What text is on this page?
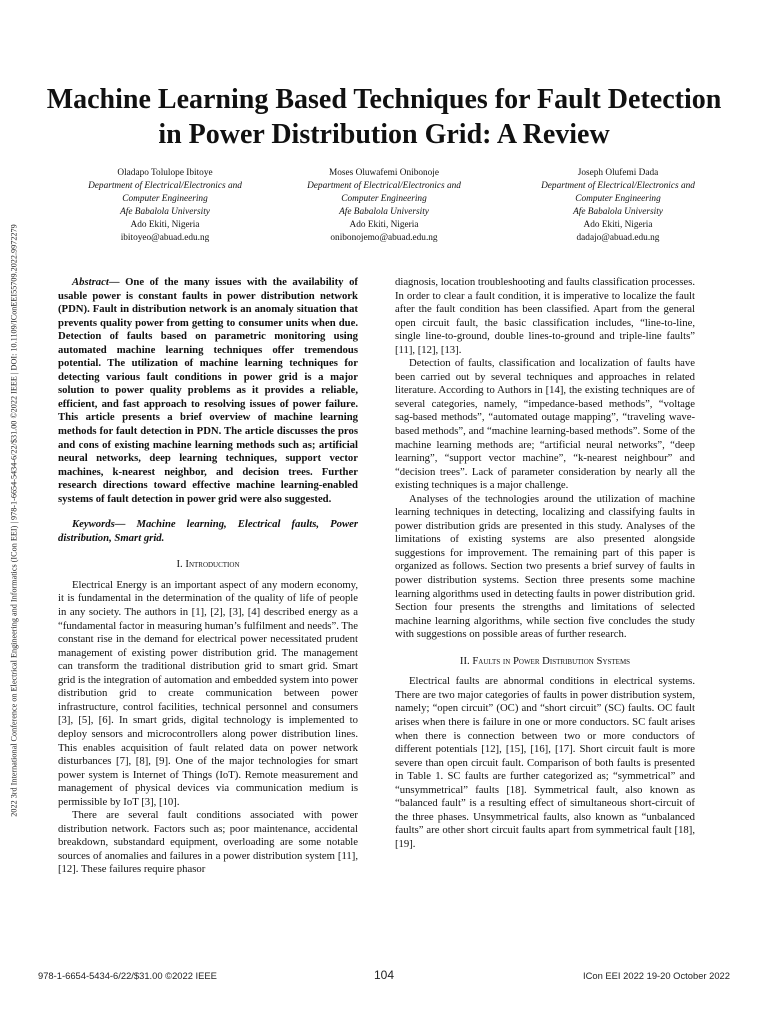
2022 3rd International Conference on Electrical Engineering and Informatics (ICon EEI) | 978-1-6654-5434-6/22/$31.00 ©2022 IEEE | DOI: 10.1109/IConEEI55709.2022.9972279
Machine Learning Based Techniques for Fault Detection in Power Distribution Grid: A Review
Oladapo Tolulope Ibitoye
Department of Electrical/Electronics and
Computer Engineering
Afe Babalola University
Ado Ekiti, Nigeria
ibitoyeo@abuad.edu.ng
Moses Oluwafemi Onibonoje
Department of Electrical/Electronics and
Computer Engineering
Afe Babalola University
Ado Ekiti, Nigeria
onibonojemo@abuad.edu.ng
Joseph Olufemi Dada
Department of Electrical/Electronics and
Computer Engineering
Afe Babalola University
Ado Ekiti, Nigeria
dadajo@abuad.edu.ng

Abstract— One of the many issues with the availability of usable power is constant faults in power distribution network (PDN). Fault in distribution network is an anomaly situation that prevents quality power from getting to consumer units when due. Detection of faults based on parametric monitoring using automated machine learning techniques offer tremendous potential. The utilization of machine learning techniques for detecting various fault conditions in power grid is a major solution to power quality problems as it provides a reliable, efficient, and fast approach to resolving issues of power failure. This article presents a brief overview of machine learning methods for fault detection in PDN. The article discusses the pros and cons of existing machine learning methods such as; artificial neural networks, deep learning techniques, support vector machines, k-nearest neighbor, and decision trees. Further research directions toward effective machine learning-enabled systems of fault detection in power grid were also suggested.

Keywords— Machine learning, Electrical faults, Power distribution, Smart grid.

I. Introduction

Electrical Energy is an important aspect of any modern economy, it is fundamental in the determination of the quality of life of people in any society. The authors in [1], [2], [3], [4] described energy as a “fundamental factor in measuring human’s fulfilment and needs”. The constant rise in the demand for electrical power necessitated prudent management of existing power distribution grid. The management can transform the traditional distribution grid to smart grid. Smart grid is the integration of automation and embedded system into power distribution grid to create communication between power infrastructure, control facilities, technical personnel and consumers [3], [5], [6]. In smart grids, digital technology is implemented to deploy sensors and microcontrollers along power distribution lines. This enables acquisition of fault related data on power network disturbances [7], [8], [9]. One of the major technologies for smart power system is Internet of Things (IoT). Remote measurement and management of physical devices via communication medium is permissible by IoT [3], [10].

There are several fault conditions associated with power distribution network. Factors such as; poor maintenance, accidental breakdown, substandard equipment, overloading are some notable sources of anomalies and failures in a power distribution system [11], [12]. These failures require phasor

diagnosis, location troubleshooting and faults classification processes. In order to clear a fault condition, it is imperative to localize the fault after the fault condition has been classified. Apart from the general open circuit fault, the basic classification includes, “line-to-line, single line-to-ground, double lines-to-ground and triple-line faults” [11], [12], [13].

Detection of faults, classification and localization of faults have been carried out by several techniques and approaches in related literature. According to Authors in [14], the existing techniques are of several categories, namely, “impedance-based methods”, “voltage sag-based methods”, “automated outage mapping”, “traveling wave-based methods”, and “machine learning-based methods”. Some of the machine learning methods are; “artificial neural networks”, “deep learning”, “support vector machine”, “k-nearest neighbour” and “decision trees”. Lack of parameter consideration by nearly all the existing techniques is a major challenge.

Analyses of the technologies around the utilization of machine learning techniques in detecting, localizing and classifying faults in power distribution grids are presented in this study. Analyses of the limitations of existing systems are also presented alongside suggestions for improvement. The remaining part of this paper is organized as follows. Section two presents a brief survey of faults in power distribution systems. Section three presents some machine learning algorithms used in detecting faults in power distribution grid. Section four presents the strengths and limitations of selected machine learning algorithms, while section five concludes the study with suggestions on possible areas of further research.

II. Faults in Power Distribution Systems

Electrical faults are abnormal conditions in electrical systems. There are two major categories of faults in power distribution system, namely; “open circuit” (OC) and “short circuit” (SC) faults. OC fault arises when there is failure in one or more conductors. SC fault arises when there is connection between two or more conductors of different potentials [12], [15], [16], [17]. Short circuit fault is more severe than open circuit fault. Comparison of both faults is presented in Table 1. SC faults are further categorized as; “symmetrical” and “unsymmetrical” faults [18]. Symmetrical fault, also known as “balanced fault” is a resulting effect of simultaneous short-circuit of the three phases. Unsymmetrical faults, also known as “unbalanced faults” are other short circuit faults apart from symmetrical fault [18], [19].

978-1-6654-5434-6/22/$31.00 ©2022 IEEE	104	ICon EEI 2022 19-20 October 2022
